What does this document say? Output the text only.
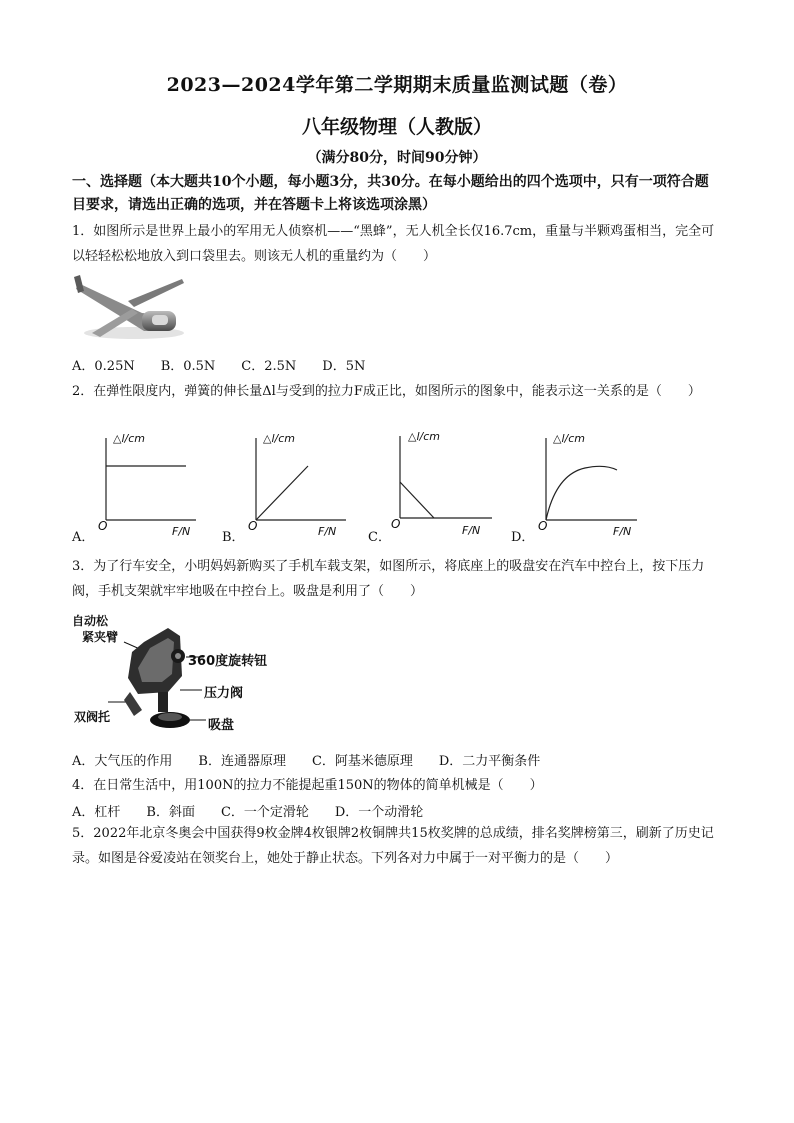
2023—2024学年第二学期期末质量监测试题（卷）
八年级物理（人教版）
（满分80分，时间90分钟）
一、选择题（本大题共10个小题，每小题3分，共30分。在每小题给出的四个选项中，只有一项符合题目要求，请选出正确的选项，并在答题卡上将该选项涂黑）
1．如图所示是世界上最小的军用无人侦察机——“黑蜂”，无人机全长仅16.7cm，重量与半颗鸡蛋相当，完全可以轻轻松松地放入到口袋里去。则该无人机的重量约为（　　）
A．0.25N　　B．0.5N　　C．2.5N　　D．5N
2．在弹性限度内，弹簧的伸长量Δl与受到的拉力F成正比，如图所示的图象中，能表示这一关系的是（　　）
△l/cm
O	F/N
A．
△l/cm
O	F/N
B．
△l/cm
O	F/N
C．
△l/cm
O	F/N
D．
3．为了行车安全，小明妈妈新购买了手机车载支架，如图所示，将底座上的吸盘安在汽车中控台上，按下压力阀，手机支架就牢牢地吸在中控台上。吸盘是利用了（　　）
自动松
紧夹臂
360度旋转钮
压力阀
双阀托
吸盘
A．大气压的作用　　B．连通器原理　　C．阿基米德原理　　D．二力平衡条件
4．在日常生活中，用100N的拉力不能提起重150N的物体的简单机械是（　　）
A．杠杆　　B．斜面　　C．一个定滑轮　　D．一个动滑轮
5．2022年北京冬奥会中国获得9枚金牌4枚银牌2枚铜牌共15枚奖牌的总成绩，排名奖牌榜第三，刷新了历史记录。如图是谷爱凌站在领奖台上，她处于静止状态。下列各对力中属于一对平衡力的是（　　）
